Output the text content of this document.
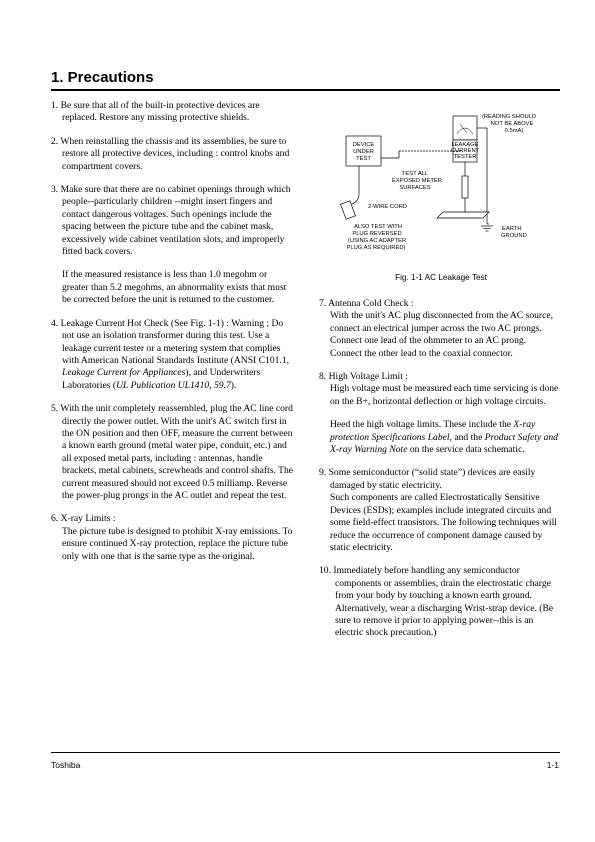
1. Precautions

1. Be sure that all of the built-in protective devices are replaced. Restore any missing protective shields.

2. When reinstalling the chassis and its assemblies, be sure to restore all protective devices, including : control knobs and compartment covers.

3. Make sure that there are no cabinet openings through which people--particularly children --might insert fingers and contact dangerous voltages. Such openings include the spacing between the picture tube and the cabinet mask, excessively wide cabinet ventilation slots, and improperly fitted back covers.

If the measured resistance is less than 1.0 megohm or greater than 5.2 megohms, an abnormality exists that must be corrected before the unit is returned to the customer.

4. Leakage Current Hot Check (See Fig. 1-1) : Warning ; Do not use an isolation transformer during this test. Use a leakage current tester or a metering system that complies with American National Standards Institute (ANSI C101.1, Leakage Current for Appliances), and Underwriters Laboratories (UL Publication UL1410, 59.7).

5. With the unit completely reassembled, plug the AC line cord directly the power outlet. With the unit's AC switch first in the ON position and then OFF, measure the current between a known earth ground (metal water pipe, conduit, etc.) and all exposed metal parts, including : antennas, handle brackets, metal cabinets, screwheads and control shafts. The current measured should not exceed 0.5 milliamp. Reverse the power-plug prongs in the AC outlet and repeat the test.

6. X-ray Limits :

The picture tube is designed to prohibit X-ray emissions. To ensure continued X-ray protection, replace the picture tube only with one that is the same type as the original.

LEAKAGE
CURRENT
TESTER
(READING SHOULD
NOT BE ABOVE
0.5mA)
EARTH
GROUND
DEVICE
UNDER
TEST
TEST ALL
EXPOSED METER
SURFACES
2-WIRE CORD
ALSO TEST WITH
PLUG REVERSED
(USING AC ADAPTER
PLUG AS REQUIRED)
Fig. 1-1 AC Leakage Test

7. Antenna Cold Check :

With the unit's AC plug disconnected from the AC source, connect an electrical jumper across the two AC prongs. Connect one lead of the ohmmeter to an AC prong.

Connect the other lead to the coaxial connector.

8. High Voltage Limit :

High voltage must be measured each time servicing is done on the B+, horizontal deflection or high voltage circuits.

Heed the high voltage limits. These include the X-ray protection Specifications Label, and the Product Safety and X-ray Warning Note on the service data schematic.

9. Some semiconductor (“solid state”) devices are easily damaged by static electricity.

Such components are called Electrostatically Sensitive Devices (ESDs); examples include integrated circuits and some field-effect transistors. The following techniques will reduce the occurrence of component damage caused by static electricity.

10. Immediately before handling any semiconductor components or assemblies, drain the electrostatic charge from your body by touching a known earth ground. Alternatively, wear a discharging Wrist-strap device. (Be sure to remove it prior to applying power--this is an electric shock precaution.)

Toshiba	1-1
